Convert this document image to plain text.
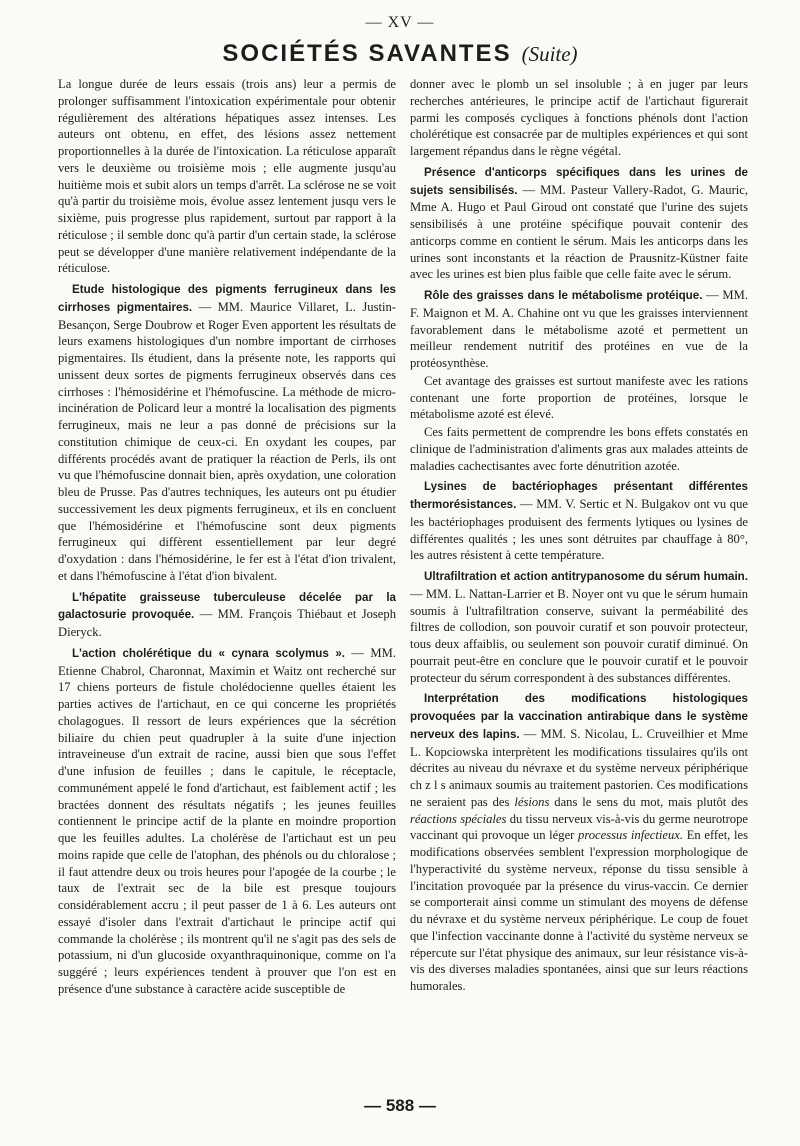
— XV —
SOCIÉTÉS SAVANTES (Suite)

La longue durée de leurs essais (trois ans) leur a permis de prolonger suffisamment l'intoxication expérimentale pour obtenir régulièrement des altérations hépatiques assez intenses. Les auteurs ont obtenu, en effet, des lésions assez nettement proportionnelles à la durée de l'intoxication. La réticulose apparaît vers le deuxième ou troisième mois ; elle augmente jusqu'au huitième mois et subit alors un temps d'arrêt. La sclérose ne se voit qu'à partir du troisième mois, évolue assez lentement jusqu vers le sixième, puis progresse plus rapidement, surtout par rapport à la réticulose ; il semble donc qu'à partir d'un certain stade, la sclérose peut se développer d'une manière relativement indépendante de la réticulose.

Etude histologique des pigments ferrugineux dans les cirrhoses pigmentaires. — MM. Maurice Villaret, L. Justin-Besançon, Serge Doubrow et Roger Even apportent les résultats de leurs examens histologiques d'un nombre important de cirrhoses pigmentaires. Ils étudient, dans la présente note, les rapports qui unissent deux sortes de pigments ferrugineux observés dans ces cirrhoses : l'hémosidérine et l'hémofuscine. La méthode de micro-incinération de Policard leur a montré la localisation des pigments ferrugineux, mais ne leur a pas donné de précisions sur la constitution chimique de ceux-ci. En oxydant les coupes, par différents procédés avant de pratiquer la réaction de Perls, ils ont vu que l'hémofuscine donnait bien, après oxydation, une coloration bleu de Prusse. Pas d'autres techniques, les auteurs ont pu étudier successivement les deux pigments ferrugineux, et ils en concluent que l'hémosidérine et l'hémofuscine sont deux pigments ferrugineux qui diffèrent essentiellement par leur degré d'oxydation : dans l'hémosidérine, le fer est à l'état d'ion trivalent, et dans l'hémofuscine à l'état d'ion bivalent.

L'hépatite graisseuse tuberculeuse décelée par la galactosurie provoquée. — MM. François Thiébaut et Joseph Dieryck.

L'action cholérétique du « cynara scolymus ». — MM. Etienne Chabrol, Charonnat, Maximin et Waitz ont recherché sur 17 chiens porteurs de fistule cholédocienne quelles étaient les parties actives de l'artichaut, en ce qui concerne les propriétés cholagogues. Il ressort de leurs expériences que la sécrétion biliaire du chien peut quadrupler à la suite d'une injection intraveineuse d'un extrait de racine, aussi bien que sous l'effet d'une infusion de feuilles ; dans le capitule, le réceptacle, communément appelé le fond d'artichaut, est faiblement actif ; les bractées donnent des résultats négatifs ; les jeunes feuilles contiennent le principe actif de la plante en moindre proportion que les feuilles adultes. La cholérèse de l'artichaut est un peu moins rapide que celle de l'atophan, des phénols ou du chloralose ; il faut attendre deux ou trois heures pour l'apogée de la courbe ; le taux de l'extrait sec de la bile est presque toujours considérablement accru ; il peut passer de 1 à 6. Les auteurs ont essayé d'isoler dans l'extrait d'artichaut le principe actif qui commande la cholérèse ; ils montrent qu'il ne s'agit pas des sels de potassium, ni d'un glucoside oxyanthraquinonique, comme on l'a suggéré ; leurs expériences tendent à prouver que l'on est en présence d'une substance à caractère acide susceptible de

donner avec le plomb un sel insoluble ; à en juger par leurs recherches antérieures, le principe actif de l'artichaut figurerait parmi les composés cycliques à fonctions phénols dont l'action cholérétique est consacrée par de multiples expériences et qui sont largement répandus dans le règne végétal.

Présence d'anticorps spécifiques dans les urines de sujets sensibilisés. — MM. Pasteur Vallery-Radot, G. Mauric, Mme A. Hugo et Paul Giroud ont constaté que l'urine des sujets sensibilisés à une protéine spécifique pouvait contenir des anticorps comme en contient le sérum. Mais les anticorps dans les urines sont inconstants et la réaction de Prausnitz-Küstner faite avec les urines est bien plus faible que celle faite avec le sérum.

Rôle des graisses dans le métabolisme protéique. — MM. F. Maignon et M. A. Chahine ont vu que les graisses interviennent favorablement dans le métabolisme azoté et permettent un meilleur rendement nutritif des protéines en vue de la protéosynthèse.

Cet avantage des graisses est surtout manifeste avec les rations contenant une forte proportion de protéines, lorsque le métabolisme azoté est élevé.

Ces faits permettent de comprendre les bons effets constatés en clinique de l'administration d'aliments gras aux malades atteints de maladies cachectisantes avec forte dénutrition azotée.

Lysines de bactériophages présentant différentes thermorésistances. — MM. V. Sertic et N. Bulgakov ont vu que les bactériophages produisent des ferments lytiques ou lysines de différentes qualités ; les unes sont détruites par chauffage à 80°, les autres résistent à cette température.

Ultrafiltration et action antitrypanosome du sérum humain. — MM. L. Nattan-Larrier et B. Noyer ont vu que le sérum humain soumis à l'ultrafiltration conserve, suivant la perméabilité des filtres de collodion, son pouvoir curatif et son pouvoir protecteur, tous deux affaiblis, ou seulement son pouvoir curatif diminué. On pourrait peut-être en conclure que le pouvoir curatif et le pouvoir protecteur du sérum correspondent à des substances différentes.

Interprétation des modifications histologiques provoquées par la vaccination antirabique dans le système nerveux des lapins. — MM. S. Nicolau, L. Cruveilhier et Mme L. Kopciowska interprètent les modifications tissulaires qu'ils ont décrites au niveau du névraxe et du système nerveux périphérique ch z l s animaux soumis au traitement pastorien. Ces modifications ne seraient pas des lésions dans le sens du mot, mais plutôt des réactions spéciales du tissu nerveux vis-à-vis du germe neurotrope vaccinant qui provoque un léger processus infectieux. En effet, les modifications observées semblent l'expression morphologique de l'hyperactivité du système nerveux, réponse du tissu sensible à l'incitation provoquée par la présence du virus-vaccin. Ce dernier se comporterait ainsi comme un stimulant des moyens de défense du névraxe et du système nerveux périphérique. Le coup de fouet que l'infection vaccinante donne à l'activité du système nerveux se répercute sur l'état physique des animaux, sur leur résistance vis-à-vis des diverses maladies spontanées, ainsi que sur leurs réactions humorales.

— 588 —
